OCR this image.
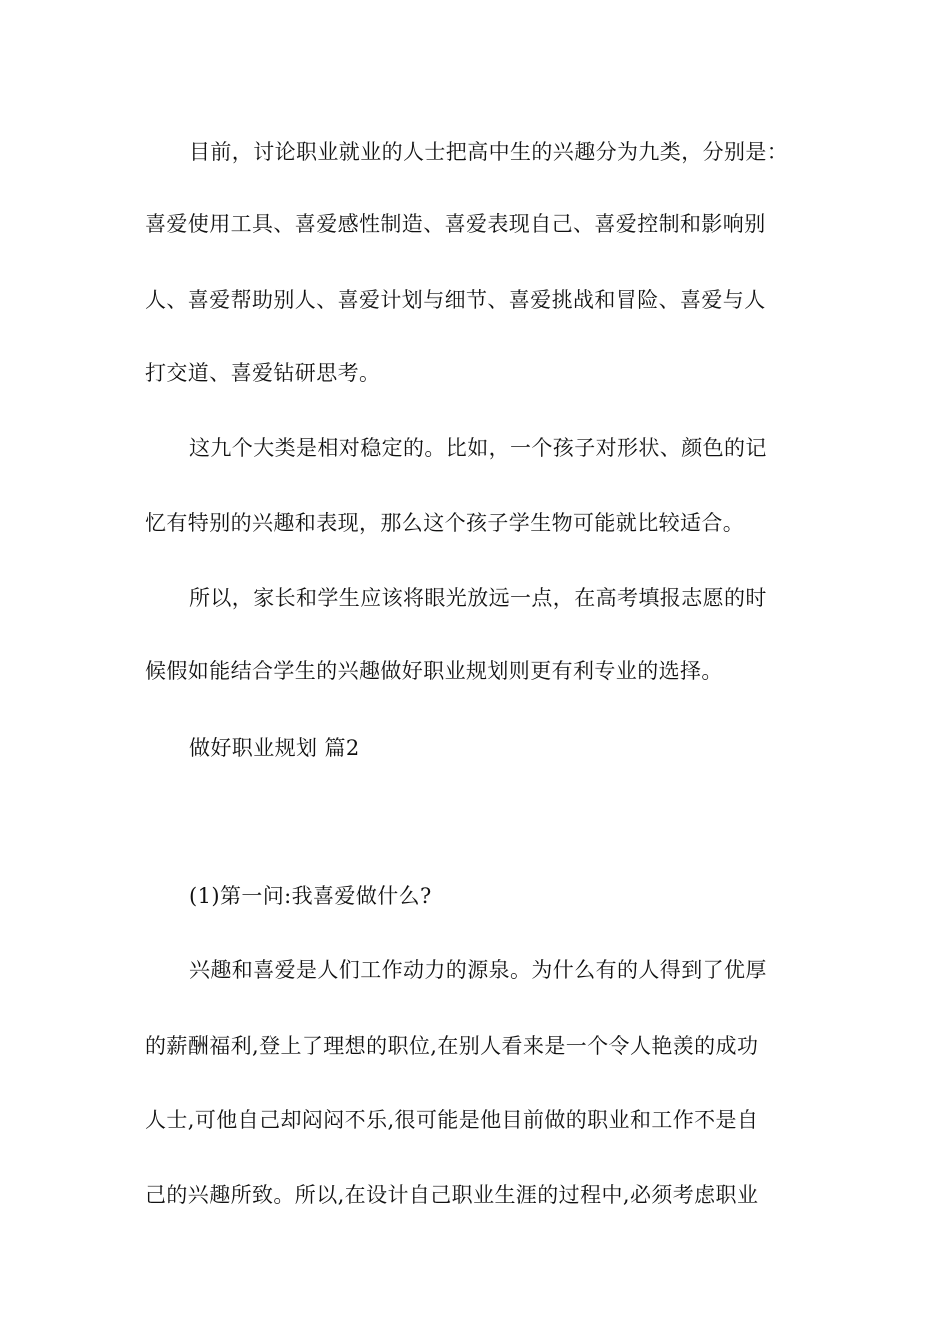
目前，讨论职业就业的人士把高中生的兴趣分为九类，分别是：

喜爱使用工具、喜爱感性制造、喜爱表现自己、喜爱控制和影响别

人、喜爱帮助别人、喜爱计划与细节、喜爱挑战和冒险、喜爱与人

打交道、喜爱钻研思考。

这九个大类是相对稳定的。比如，一个孩子对形状、颜色的记

忆有特别的兴趣和表现，那么这个孩子学生物可能就比较适合。

所以，家长和学生应该将眼光放远一点，在高考填报志愿的时

候假如能结合学生的兴趣做好职业规划则更有利专业的选择。

做好职业规划 篇2

(1)第一问:我喜爱做什么?

兴趣和喜爱是人们工作动力的源泉。为什么有的人得到了优厚

的薪酬福利,登上了理想的职位,在别人看来是一个令人艳羡的成功

人士,可他自己却闷闷不乐,很可能是他目前做的职业和工作不是自

己的兴趣所致。所以,在设计自己职业生涯的过程中,必须考虑职业
